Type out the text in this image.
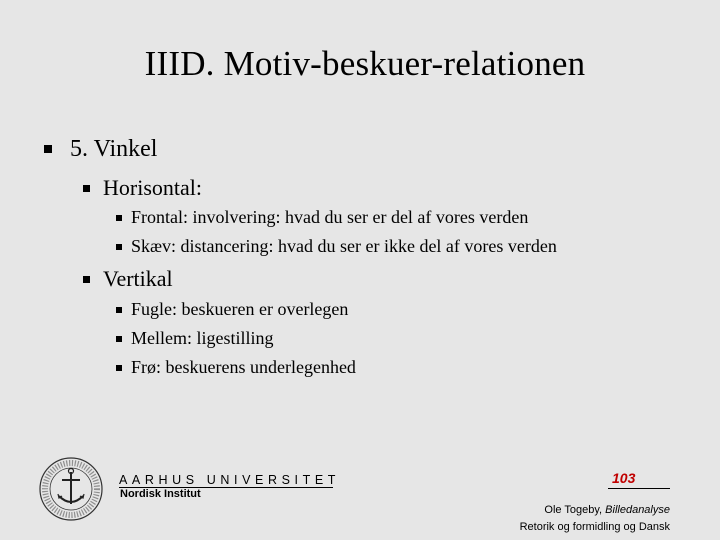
IIID. Motiv-beskuer-relationen
5. Vinkel
Horisontal:
Frontal: involvering: hvad du ser er del af vores verden
Skæv: distancering: hvad du ser er ikke del af vores verden
Vertikal
Fugle: beskueren er overlegen
Mellem: ligestilling
Frø: beskuerens underlegenhed
AARHUS UNIVERSITET
Nordisk Institut
103
Ole Togeby, Billedanalyse
Retorik og formidling og Dansk
